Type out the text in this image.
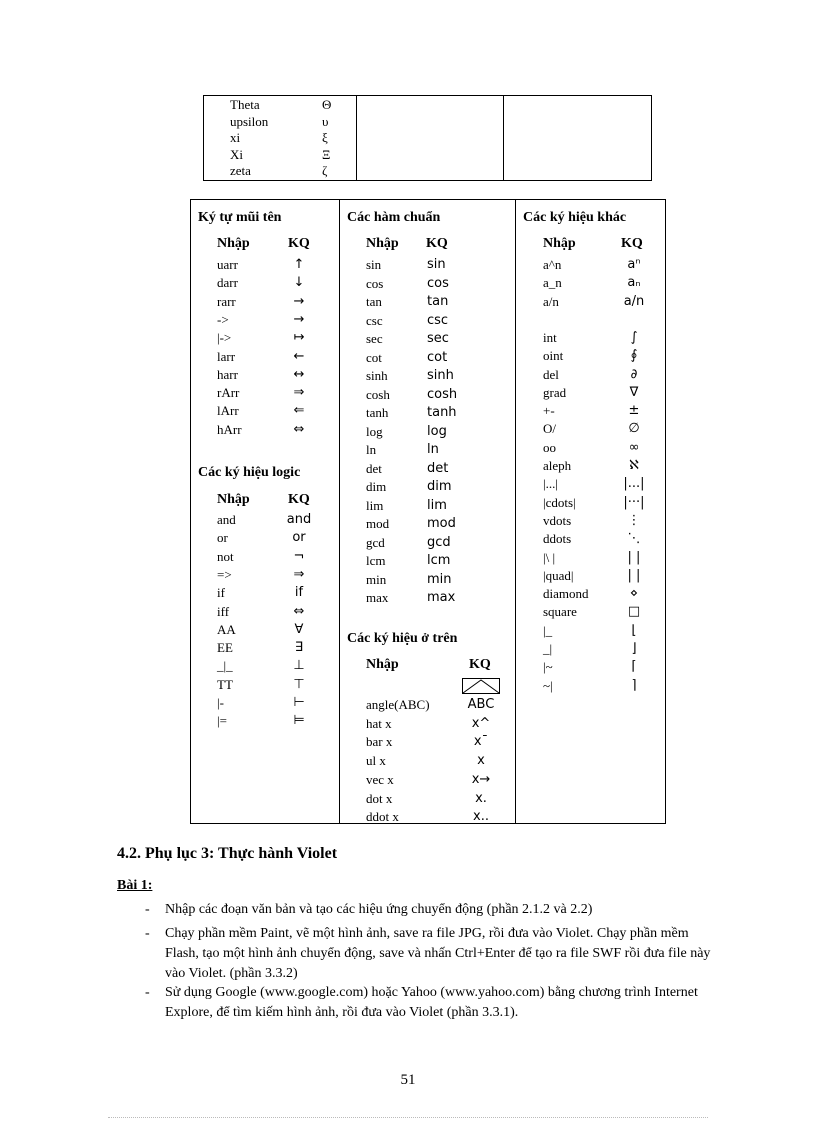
Theta	Θ
upsilon	υ
xi	ξ
Xi	Ξ
zeta	ζ
Ký tự mũi tên
Nhập	KQ
uarr	↑
darr	↓
rarr	→
->	→
|->	↦
larr	←
harr	↔
rArr	⇒
lArr	⇐
hArr	⇔
Các ký hiệu logic
Nhập	KQ
and	and
or	or
not	¬
=>	⇒
if	if
iff	⇔
AA	∀
EE	∃
_|_	⊥
TT	⊤
|-	⊢
|=	⊨
Các hàm chuẩn
Nhập KQ
sin	sin
cos	cos
tan	tan
csc	csc
sec	sec
cot	cot
sinh	sinh
cosh	cosh
tanh	tanh
log	log
ln	ln
det	det
dim	dim
lim	lim
mod	mod
gcd	gcd
lcm	lcm
min	min
max	max
Các ký hiệu ở trên
Nhập	KQ
angle(ABC)	ABC
hat x	x^
bar x	x¯
ul x	x
vec x	x→
dot x	x.
ddot x	x..
Các ký hiệu khác
Nhập	KQ
a^n	aⁿ
a_n	aₙ
a/n	a/n
int	∫
oint	∮
del	∂
grad	∇
+-	±
O/	∅
oo	∞
aleph	ℵ
|...|	|...|
|cdots|	|···|
vdots	⋮
ddots	⋱
|\ |	| |
|quad|	| |
diamond	⋄
square	□
|_	⌊
_|	⌋
|~	⌈
~|	⌉
4.2. Phụ lục 3: Thực hành Violet
Bài 1:
- Nhập các đoạn văn bản và tạo các hiệu ứng chuyển động (phần 2.1.2 và 2.2)
- Chạy phần mềm Paint, vẽ một hình ảnh, save ra file JPG, rồi đưa vào Violet. Chạy phần mềm Flash, tạo một hình ảnh chuyển động, save và nhấn Ctrl+Enter để tạo ra file SWF rồi đưa file này vào Violet. (phần 3.3.2)
- Sử dụng Google (www.google.com) hoặc Yahoo (www.yahoo.com) bằng chương trình Internet Explore, để tìm kiếm hình ảnh, rồi đưa vào Violet (phần 3.3.1).
51
